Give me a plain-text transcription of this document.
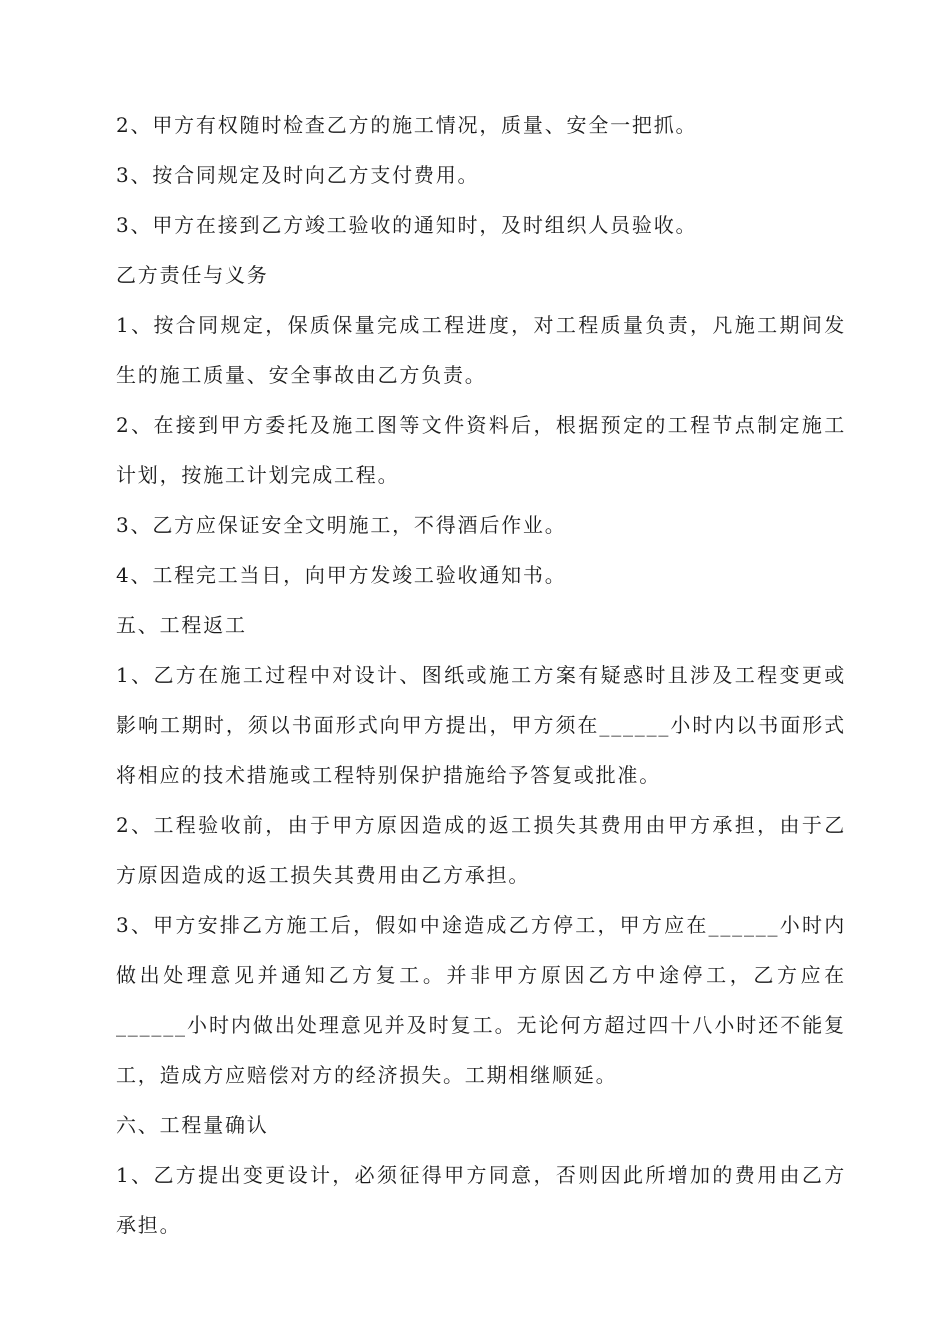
2、甲方有权随时检查乙方的施工情况，质量、安全一把抓。

3、按合同规定及时向乙方支付费用。

3、甲方在接到乙方竣工验收的通知时，及时组织人员验收。

乙方责任与义务

1、按合同规定，保质保量完成工程进度，对工程质量负责，凡施工期间发生的施工质量、安全事故由乙方负责。

2、在接到甲方委托及施工图等文件资料后，根据预定的工程节点制定施工计划，按施工计划完成工程。

3、乙方应保证安全文明施工，不得酒后作业。

4、工程完工当日，向甲方发竣工验收通知书。

五、工程返工

1、乙方在施工过程中对设计、图纸或施工方案有疑惑时且涉及工程变更或影响工期时，须以书面形式向甲方提出，甲方须在______小时内以书面形式将相应的技术措施或工程特别保护措施给予答复或批准。

2、工程验收前，由于甲方原因造成的返工损失其费用由甲方承担，由于乙方原因造成的返工损失其费用由乙方承担。

3、甲方安排乙方施工后，假如中途造成乙方停工，甲方应在______小时内做出处理意见并通知乙方复工。并非甲方原因乙方中途停工，乙方应在______小时内做出处理意见并及时复工。无论何方超过四十八小时还不能复工，造成方应赔偿对方的经济损失。工期相继顺延。

六、工程量确认

1、乙方提出变更设计，必须征得甲方同意，否则因此所增加的费用由乙方承担。
